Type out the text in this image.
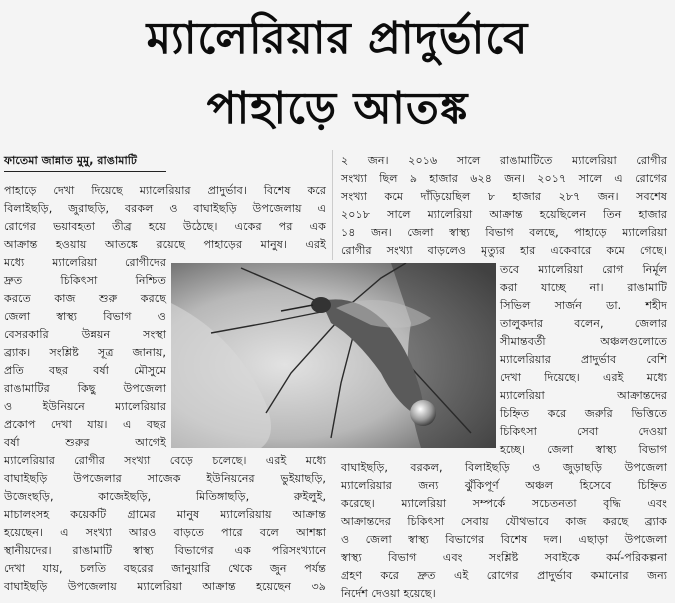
ম্যালেরিয়ার প্রাদুর্ভাবে
পাহাড়ে আতঙ্ক
ফাতেমা জান্নাত মুমু, রাঙামাটি
পাহাড়ে দেখা দিয়েছে ম্যালেরিয়ার প্রাদুর্ভাব। বিশেষ করে
বিলাইছড়ি, জুরাছড়ি, বরকল ও বাঘাইছড়ি উপজেলায় এ
রোগের ভয়াবহতা তীব্র হয়ে উঠেছে। একের পর এক
আক্রান্ত হওয়ায় আতঙ্কে রয়েছে পাহাড়ের মানুষ। এরই
মধ্যে ম্যালেরিয়া রোগীদের
দ্রুত চিকিৎসা নিশ্চিত
করতে কাজ শুরু করছে
জেলা স্বাস্থ্য বিভাগ ও
বেসরকারি উন্নয়ন সংস্থা
ব্র্যাক। সংশ্লিষ্ট সূত্র জানায়,
প্রতি বছর বর্ষা মৌসুমে
রাঙামাটির কিছু উপজেলা
ও ইউনিয়নে ম্যালেরিয়ার
প্রকোপ দেখা যায়। এ বছর
বর্ষা শুরুর আগেই
ম্যালেরিয়ার রোগীর সংখ্যা বেড়ে চলেছে। এরই মধ্যে
বাঘাইছড়ি উপজেলার সাজেক ইউনিয়নের ভুইয়াছড়ি,
উজেংছড়ি, কাজেইছড়ি, মিতিঙ্গাছড়ি, রুইলুই,
মাচালংসহ কয়েকটি গ্রামের মানুষ ম্যালেরিয়ায় আক্রান্ত
হয়েছেন। এ সংখ্যা আরও বাড়তে পারে বলে আশঙ্কা
স্থানীয়দের। রাঙামাটি স্বাস্থ্য বিভাগের এক পরিসংখ্যানে
দেখা যায়, চলতি বছরের জানুয়ারি থেকে জুন পর্যন্ত
বাঘাইছড়ি উপজেলায় ম্যালেরিয়া আক্রান্ত হয়েছেন ৩৯
২ জন। ২০১৬ সালে রাঙামাটিতে ম্যালেরিয়া রোগীর
সংখ্যা ছিল ৯ হাজার ৬২৪ জন। ২০১৭ সালে এ রোগের
সংখ্যা কমে দাঁড়িয়েছিল ৮ হাজার ২৮৭ জন। সবশেষ
২০১৮ সালে ম্যালেরিয়া আক্রান্ত হয়েছিলেন তিন হাজার
১৪ জন। জেলা স্বাস্থ্য বিভাগ বলছে, পাহাড়ে ম্যালেরিয়া
রোগীর সংখ্যা বাড়লেও মৃত্যুর হার একেবারে কমে গেছে।
তবে ম্যালেরিয়া রোগ নির্মূল
করা যাচ্ছে না। রাঙামাটি
সিভিল সার্জন ডা. শহীদ
তালুকদার বলেন, জেলার
সীমান্তবর্তী অঞ্চলগুলোতে
ম্যালেরিয়ার প্রাদুর্ভাব বেশি
দেখা দিয়েছে। এরই মধ্যে
ম্যালেরিয়া আক্রান্তদের
চিহ্নিত করে জরুরি ভিত্তিতে
চিকিৎসা সেবা দেওয়া
হচ্ছে। জেলা স্বাস্থ্য বিভাগ
বাঘাইছড়ি, বরকল, বিলাইছড়ি ও জুড়াছড়ি উপজেলা
ম্যালেরিয়ার জন্য ঝুঁকিপূর্ণ অঞ্চল হিসেবে চিহ্নিত
করেছে। ম্যালেরিয়া সম্পর্কে সচেতনতা বৃদ্ধি এবং
আক্রান্তদের চিকিৎসা সেবায় যৌথভাবে কাজ করছে ব্র্যাক
ও জেলা স্বাস্থ্য বিভাগের বিশেষ দল। এছাড়া উপজেলা
স্বাস্থ্য বিভাগ এবং সংশ্লিষ্ট সবাইকে কর্ম-পরিকল্পনা
গ্রহণ করে দ্রুত এই রোগের প্রাদুর্ভাব কমানোর জন্য
নির্দেশ দেওয়া হয়েছে।
